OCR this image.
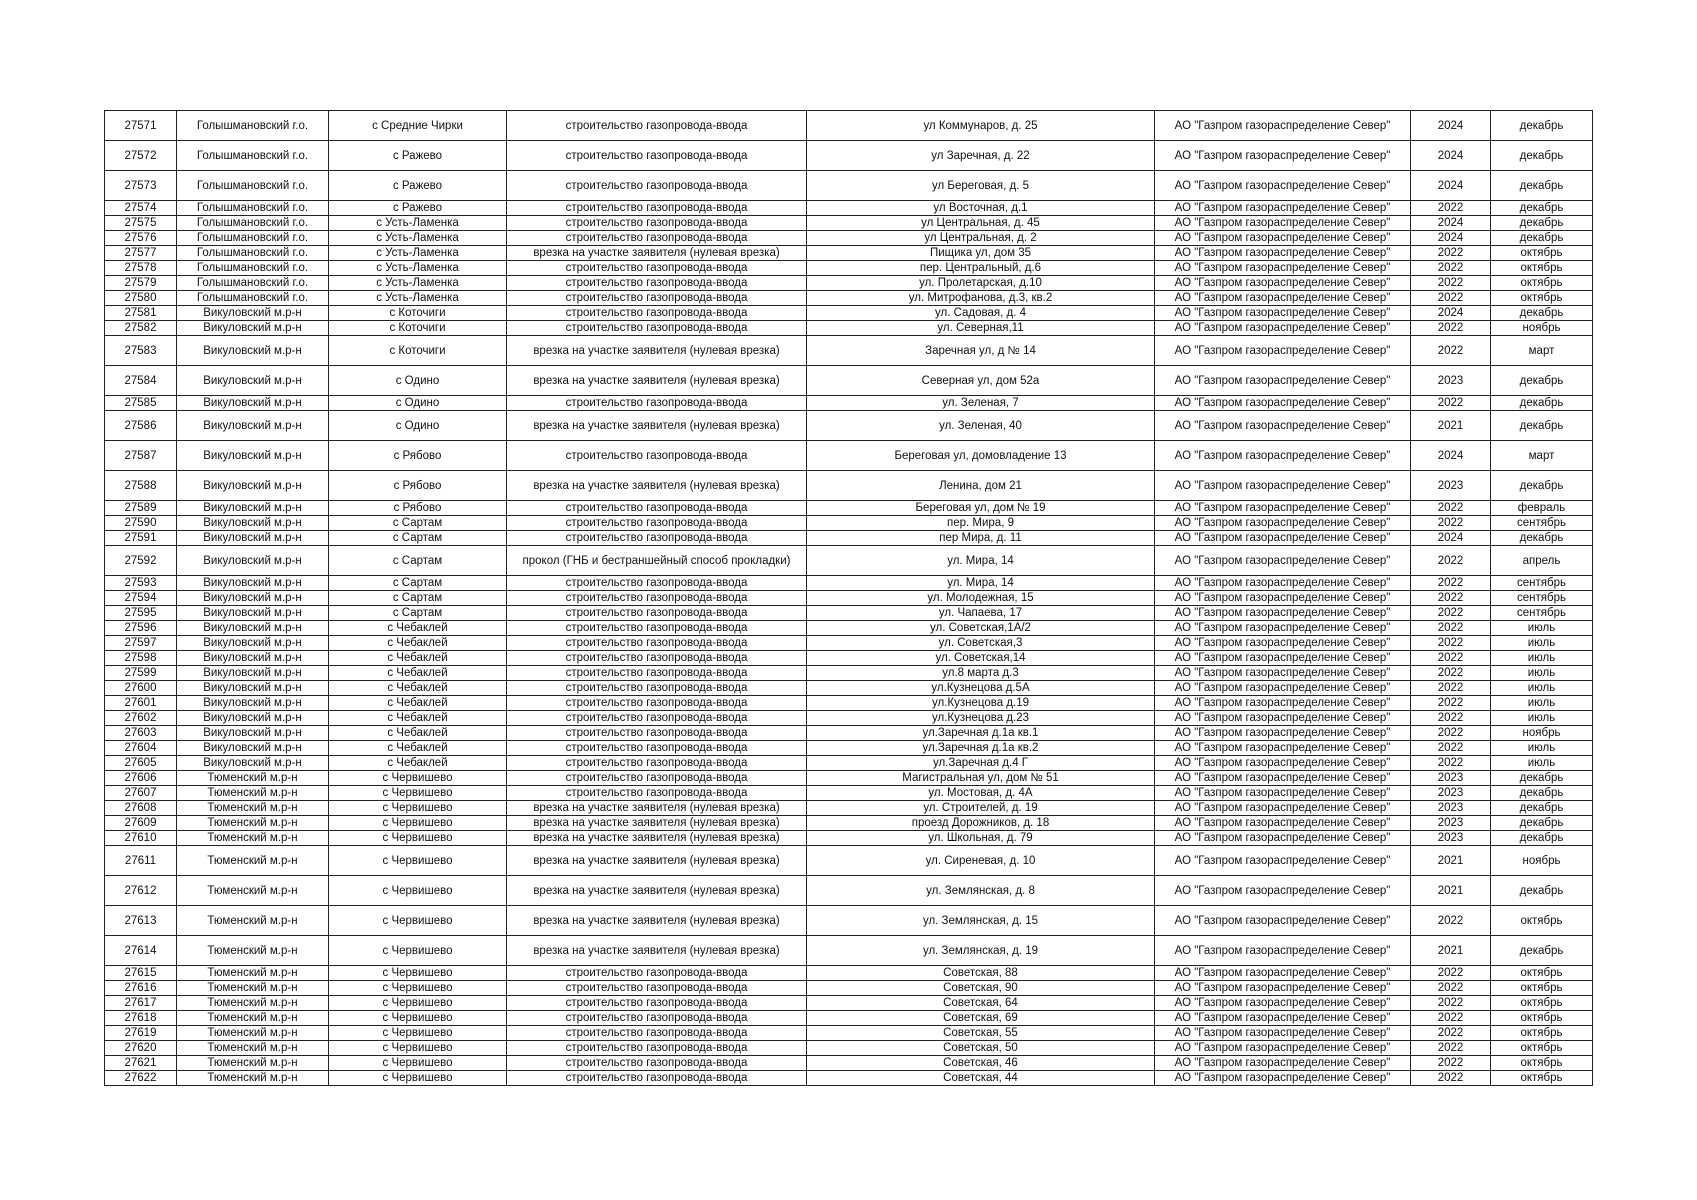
27571	Голышмановский г.о.	с Средние Чирки	строительство газопровода-ввода	ул Коммунаров, д. 25	АО "Газпром газораспределение Север"	2024	декабрь
27572	Голышмановский г.о.	с Ражево	строительство газопровода-ввода	ул Заречная, д. 22	АО "Газпром газораспределение Север"	2024	декабрь
27573	Голышмановский г.о.	с Ражево	строительство газопровода-ввода	ул Береговая, д. 5	АО "Газпром газораспределение Север"	2024	декабрь
27574	Голышмановский г.о.	с Ражево	строительство газопровода-ввода	ул Восточная, д.1	АО "Газпром газораспределение Север"	2022	декабрь
27575	Голышмановский г.о.	с Усть-Ламенка	строительство газопровода-ввода	ул Центральная, д. 45	АО "Газпром газораспределение Север"	2024	декабрь
27576	Голышмановский г.о.	с Усть-Ламенка	строительство газопровода-ввода	ул Центральная, д. 2	АО "Газпром газораспределение Север"	2024	декабрь
27577	Голышмановский г.о.	с Усть-Ламенка	врезка на участке заявителя (нулевая врезка)	Пищика ул, дом 35	АО "Газпром газораспределение Север"	2022	октябрь
27578	Голышмановский г.о.	с Усть-Ламенка	строительство газопровода-ввода	пер. Центральный, д.6	АО "Газпром газораспределение Север"	2022	октябрь
27579	Голышмановский г.о.	с Усть-Ламенка	строительство газопровода-ввода	ул. Пролетарская, д.10	АО "Газпром газораспределение Север"	2022	октябрь
27580	Голышмановский г.о.	с Усть-Ламенка	строительство газопровода-ввода	ул. Митрофанова, д.3, кв.2	АО "Газпром газораспределение Север"	2022	октябрь
27581	Викуловский м.р-н	с Коточиги	строительство газопровода-ввода	ул. Садовая, д. 4	АО "Газпром газораспределение Север"	2024	декабрь
27582	Викуловский м.р-н	с Коточиги	строительство газопровода-ввода	ул. Северная,11	АО "Газпром газораспределение Север"	2022	ноябрь
27583	Викуловский м.р-н	с Коточиги	врезка на участке заявителя (нулевая врезка)	Заречная ул, д № 14	АО "Газпром газораспределение Север"	2022	март
27584	Викуловский м.р-н	с Одино	врезка на участке заявителя (нулевая врезка)	Северная ул, дом 52а	АО "Газпром газораспределение Север"	2023	декабрь
27585	Викуловский м.р-н	с Одино	строительство газопровода-ввода	ул. Зеленая, 7	АО "Газпром газораспределение Север"	2022	декабрь
27586	Викуловский м.р-н	с Одино	врезка на участке заявителя (нулевая врезка)	ул. Зеленая, 40	АО "Газпром газораспределение Север"	2021	декабрь
27587	Викуловский м.р-н	с Рябово	строительство газопровода-ввода	Береговая ул, домовладение 13	АО "Газпром газораспределение Север"	2024	март
27588	Викуловский м.р-н	с Рябово	врезка на участке заявителя (нулевая врезка)	Ленина, дом 21	АО "Газпром газораспределение Север"	2023	декабрь
27589	Викуловский м.р-н	с Рябово	строительство газопровода-ввода	Береговая ул, дом № 19	АО "Газпром газораспределение Север"	2022	февраль
27590	Викуловский м.р-н	с Сартам	строительство газопровода-ввода	пер. Мира, 9	АО "Газпром газораспределение Север"	2022	сентябрь
27591	Викуловский м.р-н	с Сартам	строительство газопровода-ввода	пер Мира, д. 11	АО "Газпром газораспределение Север"	2024	декабрь
27592	Викуловский м.р-н	с Сартам	прокол (ГНБ и бестраншейный способ прокладки)	ул. Мира, 14	АО "Газпром газораспределение Север"	2022	апрель
27593	Викуловский м.р-н	с Сартам	строительство газопровода-ввода	ул. Мира, 14	АО "Газпром газораспределение Север"	2022	сентябрь
27594	Викуловский м.р-н	с Сартам	строительство газопровода-ввода	ул. Молодежная, 15	АО "Газпром газораспределение Север"	2022	сентябрь
27595	Викуловский м.р-н	с Сартам	строительство газопровода-ввода	ул. Чапаева, 17	АО "Газпром газораспределение Север"	2022	сентябрь
27596	Викуловский м.р-н	с Чебаклей	строительство газопровода-ввода	ул. Советская,1А/2	АО "Газпром газораспределение Север"	2022	июль
27597	Викуловский м.р-н	с Чебаклей	строительство газопровода-ввода	ул. Советская,3	АО "Газпром газораспределение Север"	2022	июль
27598	Викуловский м.р-н	с Чебаклей	строительство газопровода-ввода	ул. Советская,14	АО "Газпром газораспределение Север"	2022	июль
27599	Викуловский м.р-н	с Чебаклей	строительство газопровода-ввода	ул.8 марта д.3	АО "Газпром газораспределение Север"	2022	июль
27600	Викуловский м.р-н	с Чебаклей	строительство газопровода-ввода	ул.Кузнецова д.5А	АО "Газпром газораспределение Север"	2022	июль
27601	Викуловский м.р-н	с Чебаклей	строительство газопровода-ввода	ул.Кузнецова д.19	АО "Газпром газораспределение Север"	2022	июль
27602	Викуловский м.р-н	с Чебаклей	строительство газопровода-ввода	ул.Кузнецова д.23	АО "Газпром газораспределение Север"	2022	июль
27603	Викуловский м.р-н	с Чебаклей	строительство газопровода-ввода	ул.Заречная д.1а кв.1	АО "Газпром газораспределение Север"	2022	ноябрь
27604	Викуловский м.р-н	с Чебаклей	строительство газопровода-ввода	ул.Заречная д.1а кв.2	АО "Газпром газораспределение Север"	2022	июль
27605	Викуловский м.р-н	с Чебаклей	строительство газопровода-ввода	ул.Заречная д.4 Г	АО "Газпром газораспределение Север"	2022	июль
27606	Тюменский м.р-н	с Червишево	строительство газопровода-ввода	Магистральная ул, дом № 51	АО "Газпром газораспределение Север"	2023	декабрь
27607	Тюменский м.р-н	с Червишево	строительство газопровода-ввода	ул. Мостовая, д. 4А	АО "Газпром газораспределение Север"	2023	декабрь
27608	Тюменский м.р-н	с Червишево	врезка на участке заявителя (нулевая врезка)	ул. Строителей, д. 19	АО "Газпром газораспределение Север"	2023	декабрь
27609	Тюменский м.р-н	с Червишево	врезка на участке заявителя (нулевая врезка)	проезд Дорожников, д. 18	АО "Газпром газораспределение Север"	2023	декабрь
27610	Тюменский м.р-н	с Червишево	врезка на участке заявителя (нулевая врезка)	ул. Школьная, д. 79	АО "Газпром газораспределение Север"	2023	декабрь
27611	Тюменский м.р-н	с Червишево	врезка на участке заявителя (нулевая врезка)	ул. Сиреневая, д. 10	АО "Газпром газораспределение Север"	2021	ноябрь
27612	Тюменский м.р-н	с Червишево	врезка на участке заявителя (нулевая врезка)	ул. Землянская, д. 8	АО "Газпром газораспределение Север"	2021	декабрь
27613	Тюменский м.р-н	с Червишево	врезка на участке заявителя (нулевая врезка)	ул. Землянская, д. 15	АО "Газпром газораспределение Север"	2022	октябрь
27614	Тюменский м.р-н	с Червишево	врезка на участке заявителя (нулевая врезка)	ул. Землянская, д. 19	АО "Газпром газораспределение Север"	2021	декабрь
27615	Тюменский м.р-н	с Червишево	строительство газопровода-ввода	Советская, 88	АО "Газпром газораспределение Север"	2022	октябрь
27616	Тюменский м.р-н	с Червишево	строительство газопровода-ввода	Советская, 90	АО "Газпром газораспределение Север"	2022	октябрь
27617	Тюменский м.р-н	с Червишево	строительство газопровода-ввода	Советская, 64	АО "Газпром газораспределение Север"	2022	октябрь
27618	Тюменский м.р-н	с Червишево	строительство газопровода-ввода	Советская, 69	АО "Газпром газораспределение Север"	2022	октябрь
27619	Тюменский м.р-н	с Червишево	строительство газопровода-ввода	Советская, 55	АО "Газпром газораспределение Север"	2022	октябрь
27620	Тюменский м.р-н	с Червишево	строительство газопровода-ввода	Советская, 50	АО "Газпром газораспределение Север"	2022	октябрь
27621	Тюменский м.р-н	с Червишево	строительство газопровода-ввода	Советская, 46	АО "Газпром газораспределение Север"	2022	октябрь
27622	Тюменский м.р-н	с Червишево	строительство газопровода-ввода	Советская, 44	АО "Газпром газораспределение Север"	2022	октябрь
